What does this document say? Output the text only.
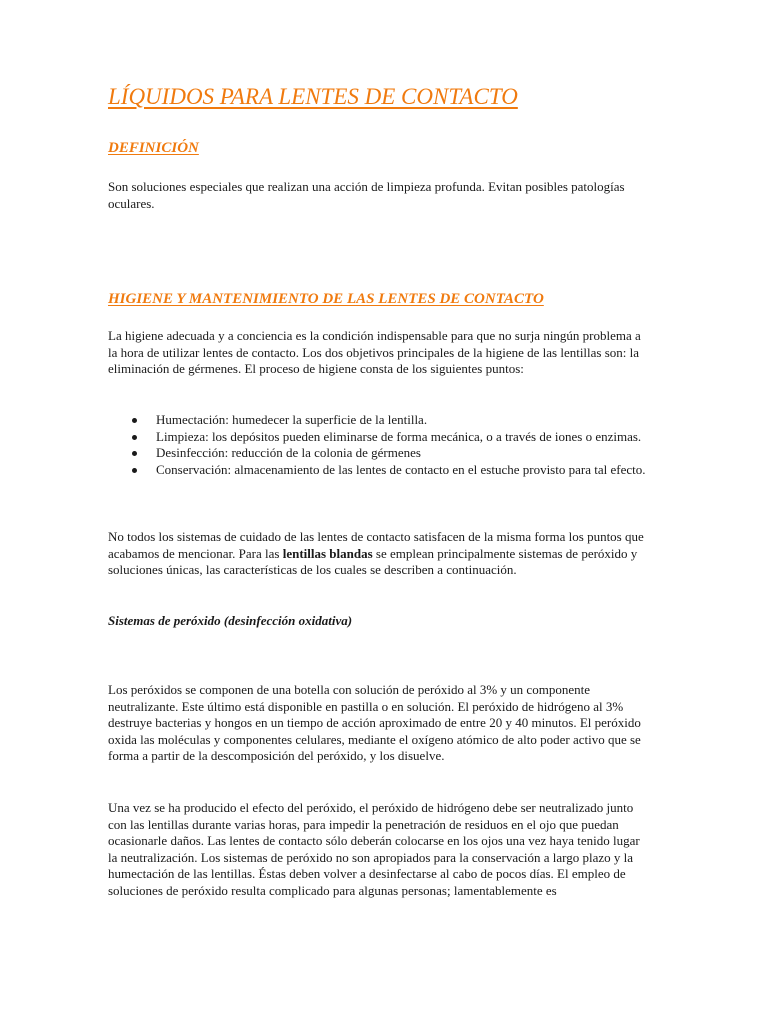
LÍQUIDOS PARA LENTES DE CONTACTO
DEFINICIÓN

Son soluciones especiales que realizan una acción de limpieza profunda. Evitan posibles patologías oculares.

HIGIENE Y MANTENIMIENTO DE LAS LENTES DE CONTACTO

La higiene adecuada y a conciencia es la condición indispensable para que no surja ningún problema a la hora de utilizar lentes de contacto. Los dos objetivos principales de la higiene de las lentillas son: la eliminación de gérmenes. El proceso de higiene consta de los siguientes puntos:

Humectación: humedecer la superficie de la lentilla.
Limpieza: los depósitos pueden eliminarse de forma mecánica, o a través de iones o enzimas.
Desinfección: reducción de la colonia de gérmenes
Conservación: almacenamiento de las lentes de contacto en el estuche provisto para tal efecto.

No todos los sistemas de cuidado de las lentes de contacto satisfacen de la misma forma los puntos que acabamos de mencionar. Para las lentillas blandas se emplean principalmente sistemas de peróxido y soluciones únicas, las características de los cuales se describen a continuación.

Sistemas de peróxido (desinfección oxidativa)

Los peróxidos se componen de una botella con solución de peróxido al 3% y un componente neutralizante. Este último está disponible en pastilla o en solución. El peróxido de hidrógeno al 3% destruye bacterias y hongos en un tiempo de acción aproximado de entre 20 y 40 minutos. El peróxido oxida las moléculas y componentes celulares, mediante el oxígeno atómico de alto poder activo que se forma a partir de la descomposición del peróxido, y los disuelve.

Una vez se ha producido el efecto del peróxido, el peróxido de hidrógeno debe ser neutralizado junto con las lentillas durante varias horas, para impedir la penetración de residuos en el ojo que puedan ocasionarle daños. Las lentes de contacto sólo deberán colocarse en los ojos una vez haya tenido lugar la neutralización. Los sistemas de peróxido no son apropiados para la conservación a largo plazo y la humectación de las lentillas. Éstas deben volver a desinfectarse al cabo de pocos días. El empleo de soluciones de peróxido resulta complicado para algunas personas; lamentablemente es
